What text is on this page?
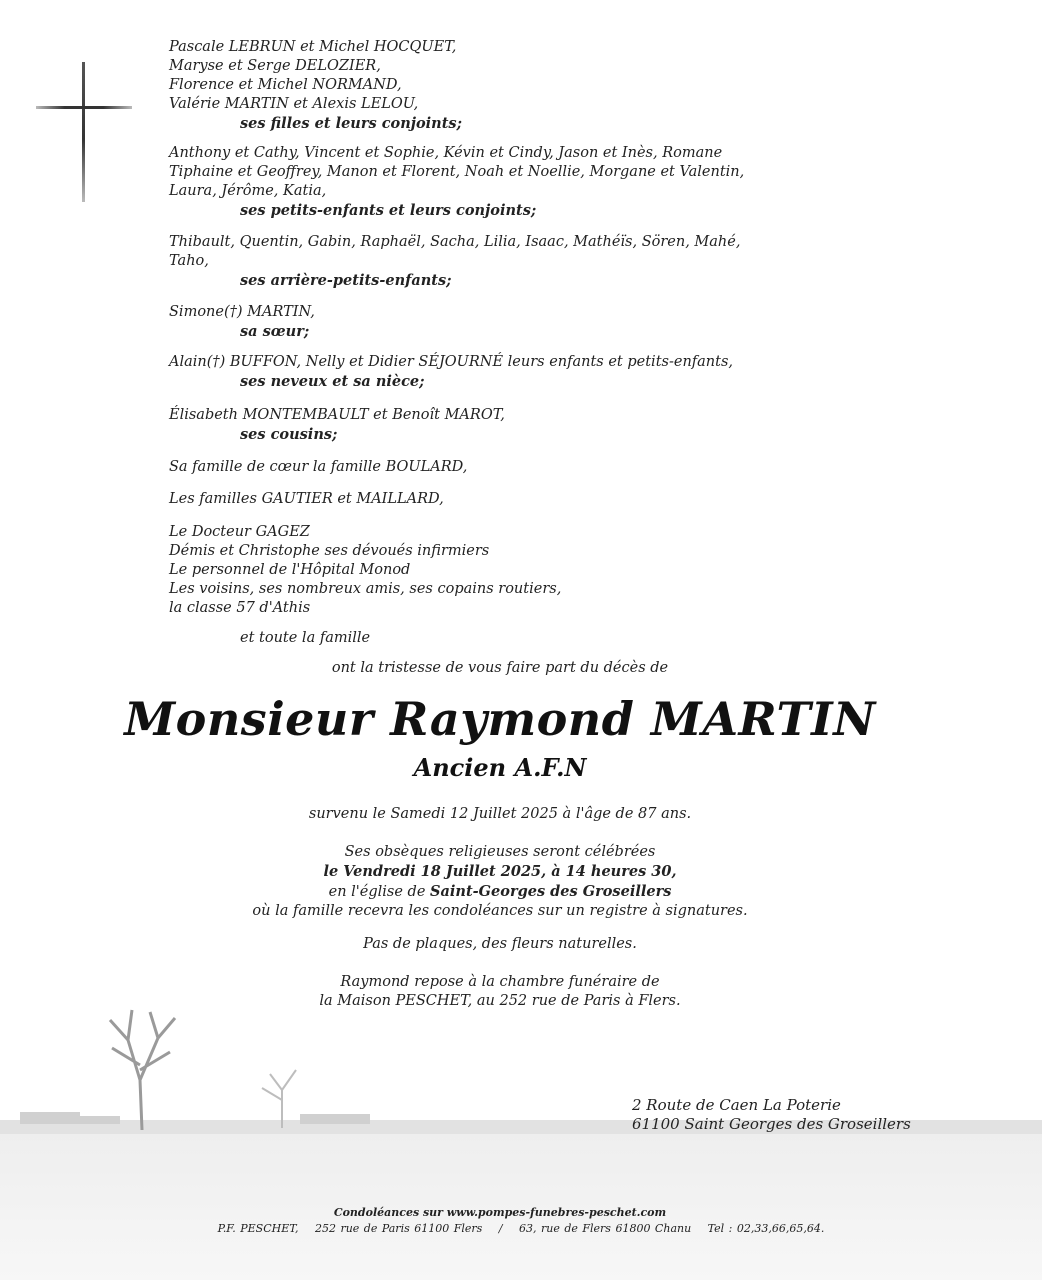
Pascale LEBRUN et Michel HOCQUET,
Maryse et Serge DELOZIER,
Florence et Michel NORMAND,
Valérie MARTIN et Alexis LELOU,
ses filles et leurs conjoints;
Anthony et Cathy, Vincent et Sophie, Kévin et Cindy, Jason et Inès, Romane
Tiphaine et Geoffrey, Manon et Florent, Noah et Noellie, Morgane et Valentin,
Laura, Jérôme, Katia,
ses petits-enfants et leurs conjoints;
Thibault, Quentin, Gabin, Raphaël, Sacha, Lilia, Isaac, Mathéïs, Sören, Mahé,
Taho,
ses arrière-petits-enfants;
Simone(†) MARTIN,
sa sœur;
Alain(†) BUFFON, Nelly et Didier SÉJOURNÉ leurs enfants et petits-enfants,
ses neveux et sa nièce;
Élisabeth MONTEMBAULT et Benoît MAROT,
ses cousins;
Sa famille de cœur la famille BOULARD,
Les familles GAUTIER et MAILLARD,
Le Docteur GAGEZ
Démis et Christophe ses dévoués infirmiers
Le personnel de l'Hôpital Monod
Les voisins, ses nombreux amis, ses copains routiers,
la classe 57 d'Athis
et toute la famille
ont la tristesse de vous faire part du décès de
Monsieur Raymond MARTIN
Ancien A.F.N
survenu le Samedi 12 Juillet 2025 à l'âge de 87 ans.
Ses obsèques religieuses seront célébrées
le Vendredi 18 Juillet 2025, à 14 heures 30,
en l'église de Saint-Georges des Groseillers
où la famille recevra les condoléances sur un registre à signatures.
Pas de plaques, des fleurs naturelles.
Raymond repose à la chambre funéraire de
la Maison PESCHET, au 252 rue de Paris à Flers.
2 Route de Caen La Poterie
61100 Saint Georges des Groseillers
Condoléances sur www.pompes-funebres-peschet.com
P.F. PESCHET, 252 rue de Paris 61100 Flers / 63, rue de Flers 61800 Chanu Tel : 02,33,66,65,64.
